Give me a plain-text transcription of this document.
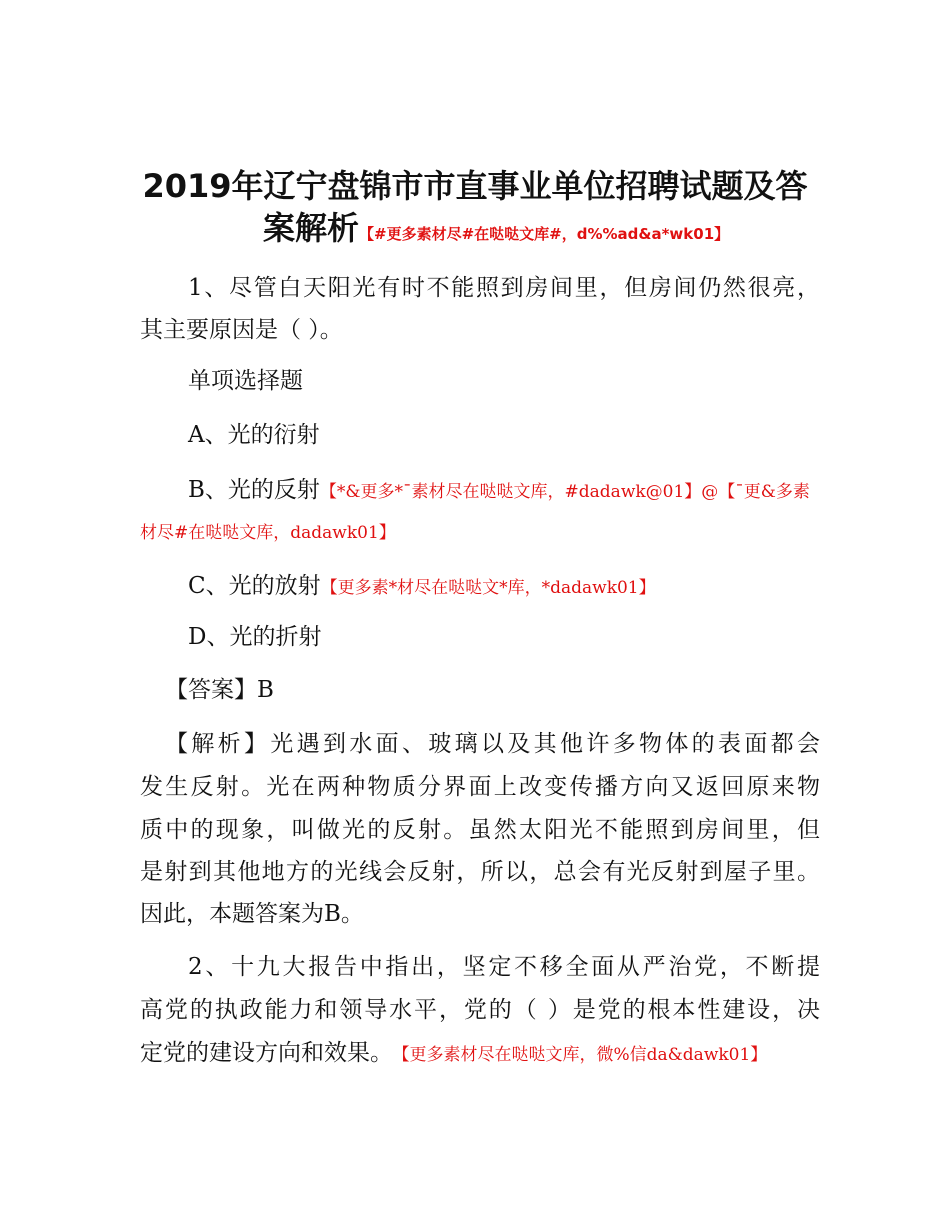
2019年辽宁盘锦市市直事业单位招聘试题及答
案解析【#更多素材尽#在哒哒文库#，d%%ad&a*wk01】
1、尽管白天阳光有时不能照到房间里，但房间仍然很亮，
其主要原因是（ ）。
单项选择题
A、光的衍射
B、光的反射【*&更多*¯素材尽在哒哒文库，#dadawk@01】@【¯更&多素
材尽#在哒哒文库，dadawk01】
C、光的放射【更多素*材尽在哒哒文*库，*dadawk01】
D、光的折射
【答案】B
【解析】光遇到水面、玻璃以及其他许多物体的表面都会
发生反射。光在两种物质分界面上改变传播方向又返回原来物
质中的现象，叫做光的反射。虽然太阳光不能照到房间里，但
是射到其他地方的光线会反射，所以，总会有光反射到屋子里。
因此，本题答案为B。
2、十九大报告中指出，坚定不移全面从严治党，不断提
高党的执政能力和领导水平，党的（ ）是党的根本性建设，决
定党的建设方向和效果。 【更多素材尽在哒哒文库，微%信da&dawk01】
